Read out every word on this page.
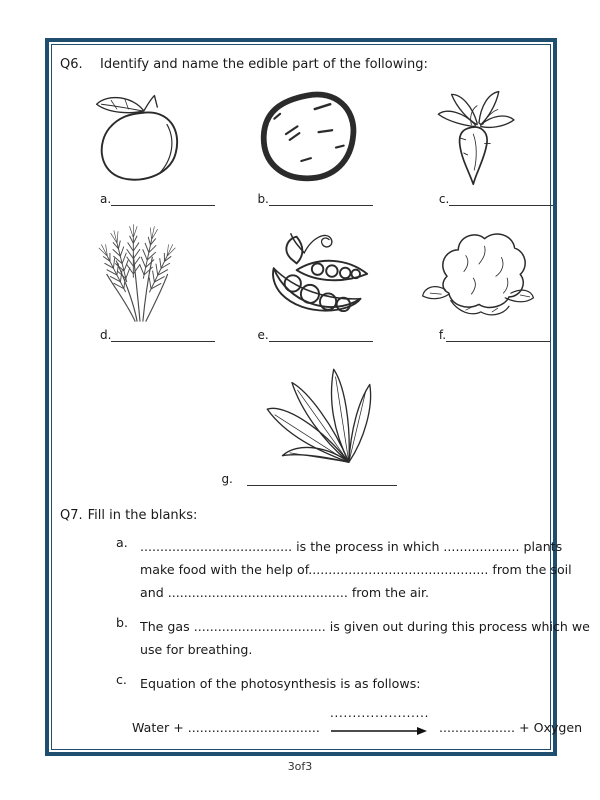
Q6.	Identify and name the edible part of the following:
a.	b.	c.
d.	e.	f.
g.
Q7. Fill in the blanks:
a. ...................................... is the process in which ................... plants
make food with the help of............................................. from the soil
and ............................................. from the air.
b. The gas ................................. is given out during this process which we
use for breathing.
c.	Equation of the photosynthesis is as follows:
Water + .................................
......................
................... + Oxygen
3of3
